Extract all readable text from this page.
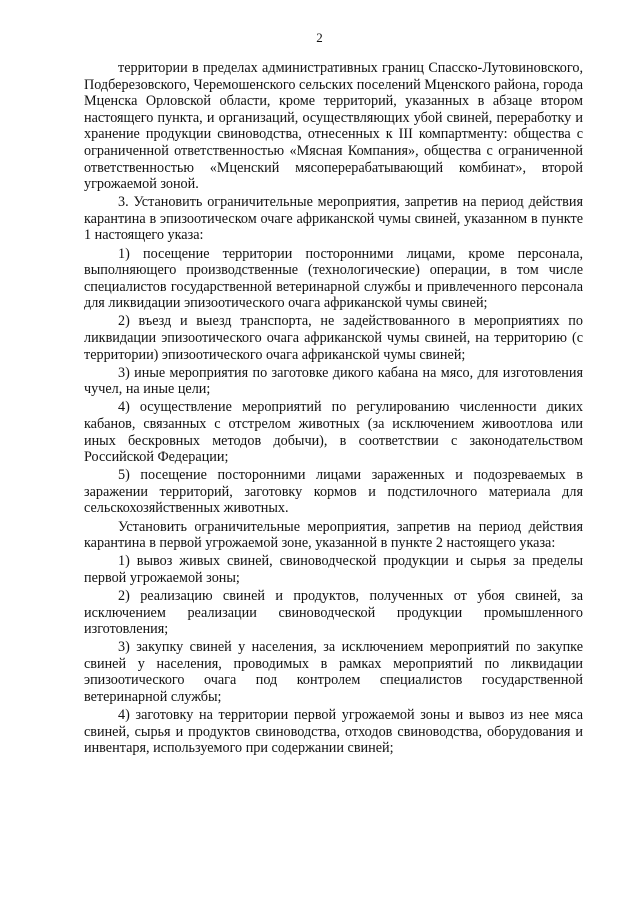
2

территории в пределах административных границ Спасско-Лутовиновского, Подберезовского, Черемошенского сельских поселений Мценского района, города Мценска Орловской области, кроме территорий, указанных в абзаце втором настоящего пункта, и организаций, осуществляющих убой свиней, переработку и хранение продукции свиноводства, отнесенных к III компартменту: общества с ограниченной ответственностью «Мясная Компания», общества с ограниченной ответственностью «Мценский мясоперерабатывающий комбинат», второй угрожаемой зоной.

3. Установить ограничительные мероприятия, запретив на период действия карантина в эпизоотическом очаге африканской чумы свиней, указанном в пункте 1 настоящего указа:

1) посещение территории посторонними лицами, кроме персонала, выполняющего производственные (технологические) операции, в том числе специалистов государственной ветеринарной службы и привлеченного персонала для ликвидации эпизоотического очага африканской чумы свиней;

2) въезд и выезд транспорта, не задействованного в мероприятиях по ликвидации эпизоотического очага африканской чумы свиней, на территорию (с территории) эпизоотического очага африканской чумы свиней;

3) иные мероприятия по заготовке дикого кабана на мясо, для изготовления чучел, на иные цели;

4) осуществление мероприятий по регулированию численности диких кабанов, связанных с отстрелом животных (за исключением живоотлова или иных бескровных методов добычи), в соответствии с законодательством Российской Федерации;

5) посещение посторонними лицами зараженных и подозреваемых в заражении территорий, заготовку кормов и подстилочного материала для сельскохозяйственных животных.

Установить ограничительные мероприятия, запретив на период действия карантина в первой угрожаемой зоне, указанной в пункте 2 настоящего указа:

1) вывоз живых свиней, свиноводческой продукции и сырья за пределы первой угрожаемой зоны;

2) реализацию свиней и продуктов, полученных от убоя свиней, за исключением реализации свиноводческой продукции промышленного изготовления;

3) закупку свиней у населения, за исключением мероприятий по закупке свиней у населения, проводимых в рамках мероприятий по ликвидации эпизоотического очага под контролем специалистов государственной ветеринарной службы;

4) заготовку на территории первой угрожаемой зоны и вывоз из нее мяса свиней, сырья и продуктов свиноводства, отходов свиноводства, оборудования и инвентаря, используемого при содержании свиней;
